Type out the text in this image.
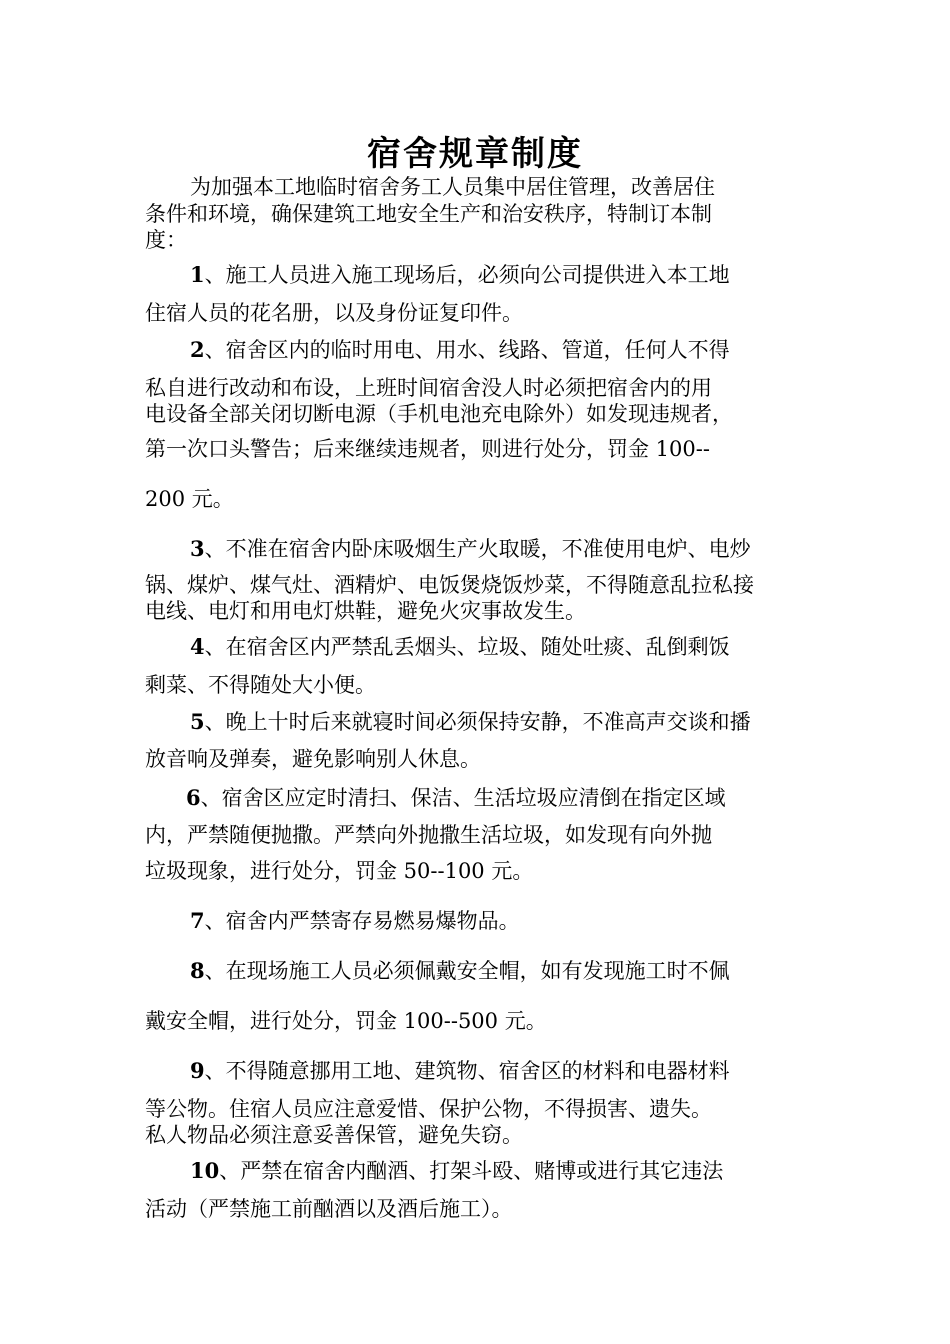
宿舍规章制度
为加强本工地临时宿舍务工人员集中居住管理，改善居住
条件和环境，确保建筑工地安全生产和治安秩序，特制订本制
度：
1、施工人员进入施工现场后，必须向公司提供进入本工地
住宿人员的花名册，以及身份证复印件。
2、宿舍区内的临时用电、用水、线路、管道，任何人不得
私自进行改动和布设，上班时间宿舍没人时必须把宿舍内的用
电设备全部关闭切断电源（手机电池充电除外）如发现违规者，
第一次口头警告；后来继续违规者，则进行处分，罚金 100--
200 元。
3、不准在宿舍内卧床吸烟生产火取暖，不准使用电炉、电炒
锅、煤炉、煤气灶、酒精炉、电饭煲烧饭炒菜，不得随意乱拉私接
电线、电灯和用电灯烘鞋，避免火灾事故发生。
4、在宿舍区内严禁乱丢烟头、垃圾、随处吐痰、乱倒剩饭
剩菜、不得随处大小便。
5、晚上十时后来就寝时间必须保持安静，不准高声交谈和播
放音响及弹奏，避免影响别人休息。
6、宿舍区应定时清扫、保洁、生活垃圾应清倒在指定区域
内，严禁随便抛撒。严禁向外抛撒生活垃圾，如发现有向外抛
垃圾现象，进行处分，罚金 50--100 元。
7、宿舍内严禁寄存易燃易爆物品。
8、在现场施工人员必须佩戴安全帽，如有发现施工时不佩
戴安全帽，进行处分，罚金 100--500 元。
9、不得随意挪用工地、建筑物、宿舍区的材料和电器材料
等公物。住宿人员应注意爱惜、保护公物，不得损害、遗失。
私人物品必须注意妥善保管，避免失窃。
10、严禁在宿舍内酗酒、打架斗殴、赌博或进行其它违法
活动（严禁施工前酗酒以及酒后施工）。
